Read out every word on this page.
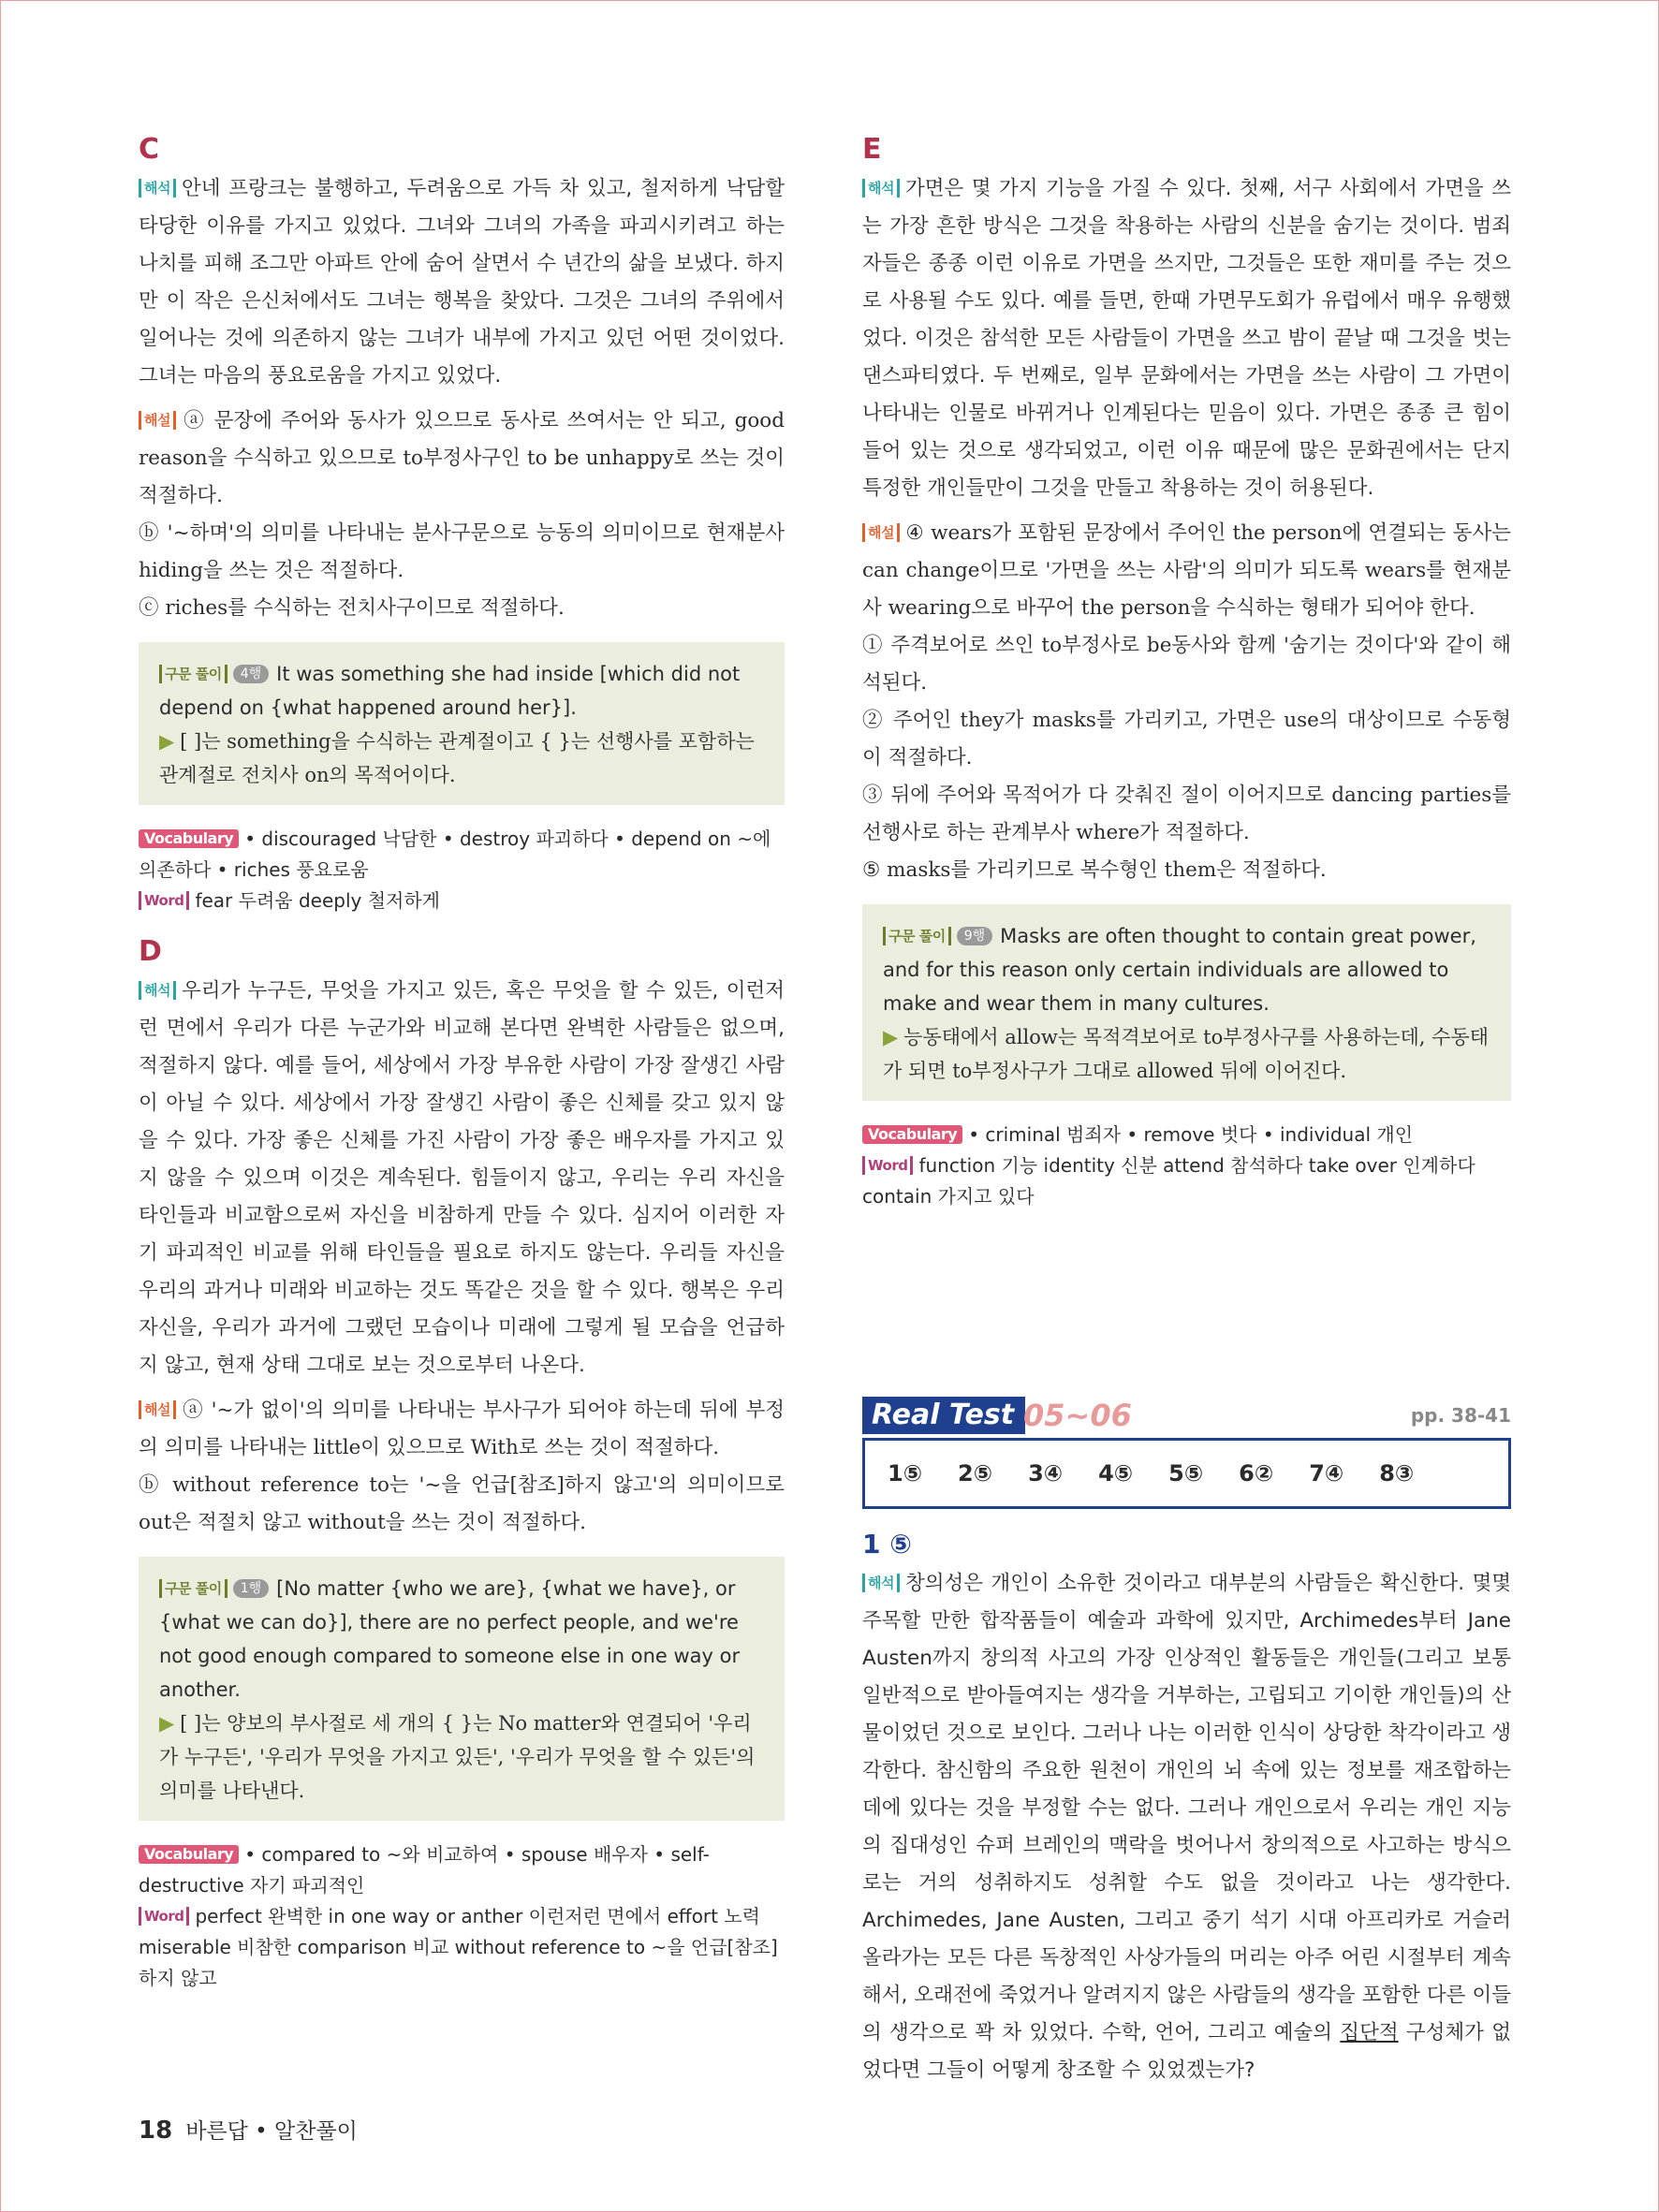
C

해석 안네 프랑크는 불행하고, 두려움으로 가득 차 있고, 철저하게 낙담할 타당한 이유를 가지고 있었다. 그녀와 그녀의 가족을 파괴시키려고 하는 나치를 피해 조그만 아파트 안에 숨어 살면서 수 년간의 삶을 보냈다. 하지만 이 작은 은신처에서도 그녀는 행복을 찾았다. 그것은 그녀의 주위에서 일어나는 것에 의존하지 않는 그녀가 내부에 가지고 있던 어떤 것이었다. 그녀는 마음의 풍요로움을 가지고 있었다.

해설 ⓐ 문장에 주어와 동사가 있으므로 동사로 쓰여서는 안 되고, good reason을 수식하고 있으므로 to부정사구인 to be unhappy로 쓰는 것이 적절하다.
ⓑ '~하며'의 의미를 나타내는 분사구문으로 능동의 의미이므로 현재분사 hiding을 쓰는 것은 적절하다.
ⓒ riches를 수식하는 전치사구이므로 적절하다.
구문 풀이 4행 It was something she had inside [which did not depend on {what happened around her}].
▶ [ ]는 something을 수식하는 관계절이고 { }는 선행사를 포함하는 관계절로 전치사 on의 목적어이다.

Vocabulary • discouraged 낙담한 • destroy 파괴하다 • depend on ~에 의존하다 • riches 풍요로움

Word fear 두려움 deeply 철저하게

D

해석 우리가 누구든, 무엇을 가지고 있든, 혹은 무엇을 할 수 있든, 이런저런 면에서 우리가 다른 누군가와 비교해 본다면 완벽한 사람들은 없으며, 적절하지 않다. 예를 들어, 세상에서 가장 부유한 사람이 가장 잘생긴 사람이 아닐 수 있다. 세상에서 가장 잘생긴 사람이 좋은 신체를 갖고 있지 않을 수 있다. 가장 좋은 신체를 가진 사람이 가장 좋은 배우자를 가지고 있지 않을 수 있으며 이것은 계속된다. 힘들이지 않고, 우리는 우리 자신을 타인들과 비교함으로써 자신을 비참하게 만들 수 있다. 심지어 이러한 자기 파괴적인 비교를 위해 타인들을 필요로 하지도 않는다. 우리들 자신을 우리의 과거나 미래와 비교하는 것도 똑같은 것을 할 수 있다. 행복은 우리 자신을, 우리가 과거에 그랬던 모습이나 미래에 그렇게 될 모습을 언급하지 않고, 현재 상태 그대로 보는 것으로부터 나온다.

해설 ⓐ '~가 없이'의 의미를 나타내는 부사구가 되어야 하는데 뒤에 부정의 의미를 나타내는 little이 있으므로 With로 쓰는 것이 적절하다.
ⓑ without reference to는 '~을 언급[참조]하지 않고'의 의미이므로 out은 적절치 않고 without을 쓰는 것이 적절하다.
구문 풀이 1행 [No matter {who we are}, {what we have}, or {what we can do}], there are no perfect people, and we're not good enough compared to someone else in one way or another.
▶ [ ]는 양보의 부사절로 세 개의 { }는 No matter와 연결되어 '우리가 누구든', '우리가 무엇을 가지고 있든', '우리가 무엇을 할 수 있든'의 의미를 나타낸다.

Vocabulary • compared to ~와 비교하여 • spouse 배우자 • self-destructive 자기 파괴적인

Word perfect 완벽한 in one way or anther 이런저런 면에서 effort 노력 miserable 비참한 comparison 비교 without reference to ~을 언급[참조]하지 않고

E

해석 가면은 몇 가지 기능을 가질 수 있다. 첫째, 서구 사회에서 가면을 쓰는 가장 흔한 방식은 그것을 착용하는 사람의 신분을 숨기는 것이다. 범죄자들은 종종 이런 이유로 가면을 쓰지만, 그것들은 또한 재미를 주는 것으로 사용될 수도 있다. 예를 들면, 한때 가면무도회가 유럽에서 매우 유행했었다. 이것은 참석한 모든 사람들이 가면을 쓰고 밤이 끝날 때 그것을 벗는 댄스파티였다. 두 번째로, 일부 문화에서는 가면을 쓰는 사람이 그 가면이 나타내는 인물로 바뀌거나 인계된다는 믿음이 있다. 가면은 종종 큰 힘이 들어 있는 것으로 생각되었고, 이런 이유 때문에 많은 문화권에서는 단지 특정한 개인들만이 그것을 만들고 착용하는 것이 허용된다.

해설 ④ wears가 포함된 문장에서 주어인 the person에 연결되는 동사는 can change이므로 '가면을 쓰는 사람'의 의미가 되도록 wears를 현재분사 wearing으로 바꾸어 the person을 수식하는 형태가 되어야 한다.
① 주격보어로 쓰인 to부정사로 be동사와 함께 '숨기는 것이다'와 같이 해석된다.
② 주어인 they가 masks를 가리키고, 가면은 use의 대상이므로 수동형이 적절하다.
③ 뒤에 주어와 목적어가 다 갖춰진 절이 이어지므로 dancing parties를 선행사로 하는 관계부사 where가 적절하다.
⑤ masks를 가리키므로 복수형인 them은 적절하다.
구문 풀이 9행 Masks are often thought to contain great power, and for this reason only certain individuals are allowed to make and wear them in many cultures.
▶ 능동태에서 allow는 목적격보어로 to부정사구를 사용하는데, 수동태가 되면 to부정사구가 그대로 allowed 뒤에 이어진다.

Vocabulary • criminal 범죄자 • remove 벗다 • individual 개인

Word function 기능 identity 신분 attend 참석하다 take over 인계하다 contain 가지고 있다

Real Test 05~06	pp. 38-41
1⑤ 2⑤ 3④ 4⑤ 5⑤ 6② 7④ 8③
1 ⑤

해석 창의성은 개인이 소유한 것이라고 대부분의 사람들은 확신한다. 몇몇 주목할 만한 합작품들이 예술과 과학에 있지만, Archimedes부터 Jane Austen까지 창의적 사고의 가장 인상적인 활동들은 개인들(그리고 보통 일반적으로 받아들여지는 생각을 거부하는, 고립되고 기이한 개인들)의 산물이었던 것으로 보인다. 그러나 나는 이러한 인식이 상당한 착각이라고 생각한다. 참신함의 주요한 원천이 개인의 뇌 속에 있는 정보를 재조합하는 데에 있다는 것을 부정할 수는 없다. 그러나 개인으로서 우리는 개인 지능의 집대성인 슈퍼 브레인의 맥락을 벗어나서 창의적으로 사고하는 방식으로는 거의 성취하지도 성취할 수도 없을 것이라고 나는 생각한다. Archimedes, Jane Austen, 그리고 중기 석기 시대 아프리카로 거슬러 올라가는 모든 다른 독창적인 사상가들의 머리는 아주 어린 시절부터 계속해서, 오래전에 죽었거나 알려지지 않은 사람들의 생각을 포함한 다른 이들의 생각으로 꽉 차 있었다. 수학, 언어, 그리고 예술의 집단적 구성체가 없었다면 그들이 어떻게 창조할 수 있었겠는가?

18 바른답 • 알찬풀이
